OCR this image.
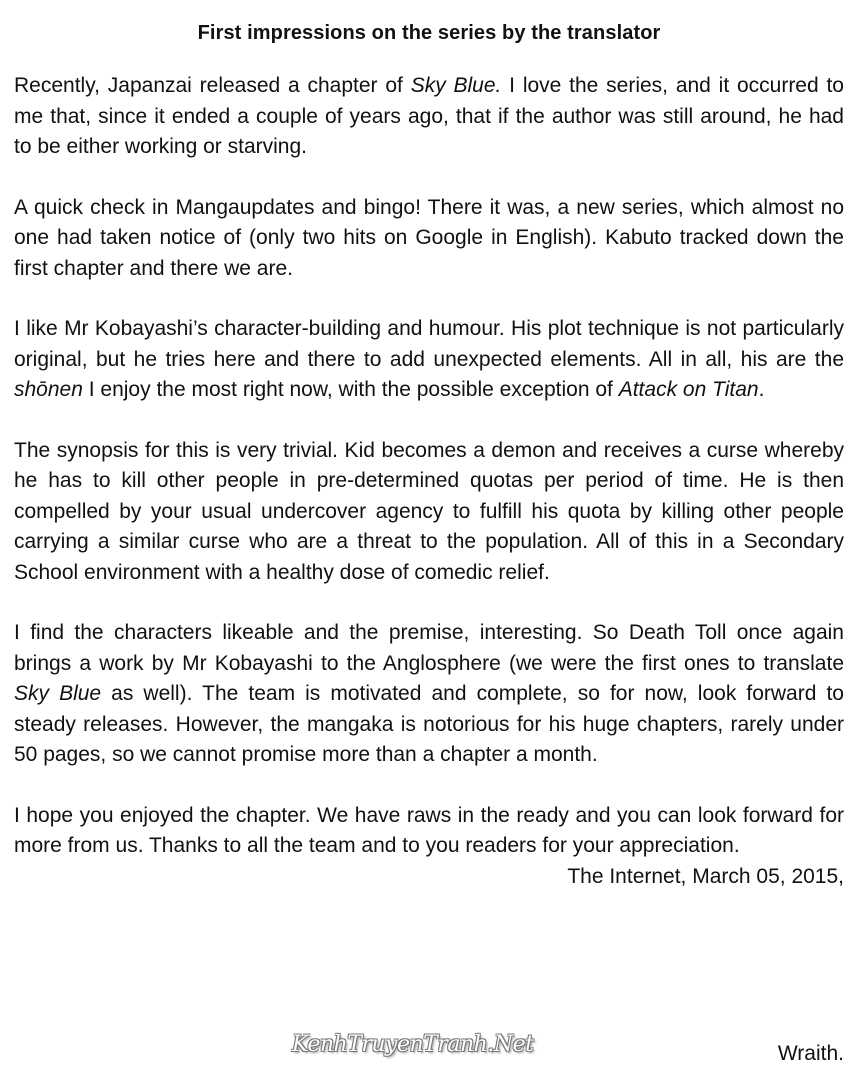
First impressions on the series by the translator

Recently, Japanzai released a chapter of Sky Blue. I love the series, and it occurred to me that, since it ended a couple of years ago, that if the author was still around, he had to be either working or starving.

A quick check in Mangaupdates and bingo! There it was, a new series, which almost no one had taken notice of (only two hits on Google in English). Kabuto tracked down the first chapter and there we are.

I like Mr Kobayashi’s character-building and humour. His plot technique is not particularly original, but he tries here and there to add unexpected elements. All in all, his are the shōnen I enjoy the most right now, with the possible exception of Attack on Titan.

The synopsis for this is very trivial. Kid becomes a demon and receives a curse whereby he has to kill other people in pre-determined quotas per period of time. He is then compelled by your usual undercover agency to fulfill his quota by killing other people carrying a similar curse who are a threat to the population. All of this in a Secondary School environment with a healthy dose of comedic relief.

I find the characters likeable and the premise, interesting. So Death Toll once again brings a work by Mr Kobayashi to the Anglosphere (we were the first ones to translate Sky Blue as well). The team is motivated and complete, so for now, look forward to steady releases. However, the mangaka is notorious for his huge chapters, rarely under 50 pages, so we cannot promise more than a chapter a month.

I hope you enjoyed the chapter. We have raws in the ready and you can look forward for more from us. Thanks to all the team and to you readers for your appreciation.

The Internet, March 05, 2015,
KenhTruyenTranh.Net	Wraith.
